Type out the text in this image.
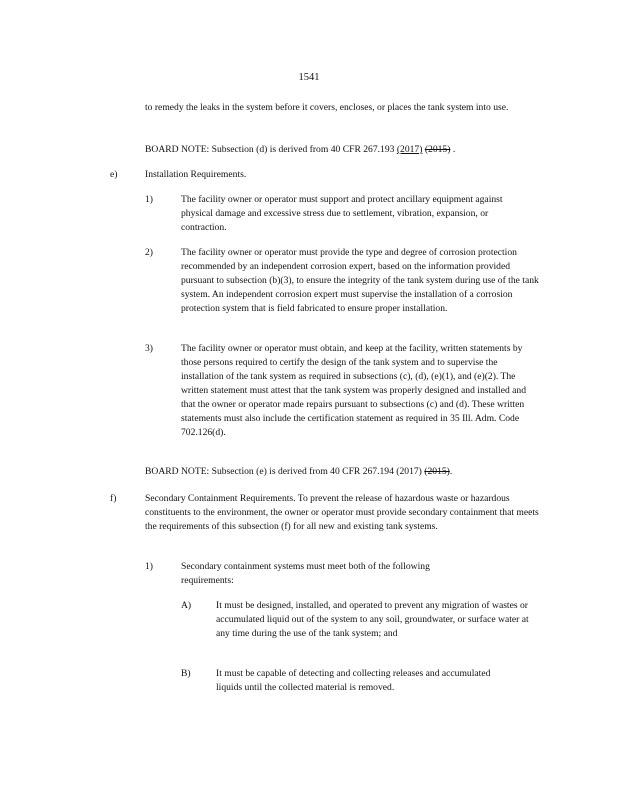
1541

to remedy the leaks in the system before it covers, encloses, or places the tank system into use.

BOARD NOTE: Subsection (d) is derived from 40 CFR 267.193 (2017) (2015) .

e)	Installation Requirements.
1)	The facility owner or operator must support and protect ancillary equipment against physical damage and excessive stress due to settlement, vibration, expansion, or contraction.

2)	The facility owner or operator must provide the type and degree of corrosion protection recommended by an independent corrosion expert, based on the information provided pursuant to subsection (b)(3), to ensure the integrity of the tank system during use of the tank system. An independent corrosion expert must supervise the installation of a corrosion protection system that is field fabricated to ensure proper installation.

3)	The facility owner or operator must obtain, and keep at the facility, written statements by those persons required to certify the design of the tank system and to supervise the installation of the tank system as required in subsections (c), (d), (e)(1), and (e)(2). The written statement must attest that the tank system was properly designed and installed and that the owner or operator made repairs pursuant to subsections (c) and (d). These written statements must also include the certification statement as required in 35 Ill. Adm. Code 702.126(d).

BOARD NOTE: Subsection (e) is derived from 40 CFR 267.194 (2017) (2015).

f)	Secondary Containment Requirements. To prevent the release of hazardous waste or hazardous constituents to the environment, the owner or operator must provide secondary containment that meets the requirements of this subsection (f) for all new and existing tank systems.

1)	Secondary containment systems must meet both of the following requirements:

A)	It must be designed, installed, and operated to prevent any migration of wastes or accumulated liquid out of the system to any soil, groundwater, or surface water at any time during the use of the tank system; and

B)	It must be capable of detecting and collecting releases and accumulated liquids until the collected material is removed.
